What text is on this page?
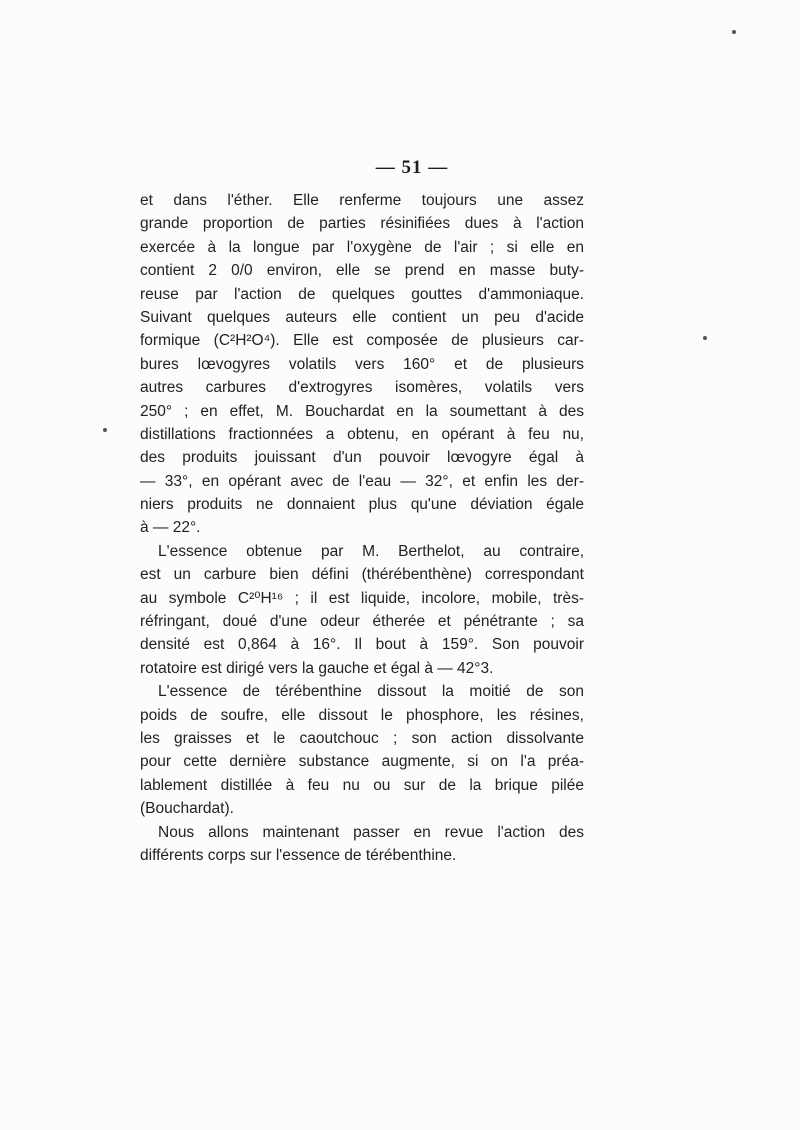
— 51 —
et dans l'éther. Elle renferme toujours une assez
grande proportion de parties résinifiées dues à l'action
exercée à la longue par l'oxygène de l'air ; si elle en
contient 2 0/0 environ, elle se prend en masse buty-
reuse par l'action de quelques gouttes d'ammoniaque.
Suivant quelques auteurs elle contient un peu d'acide
formique (C²H²O⁴). Elle est composée de plusieurs car-
bures lœvogyres volatils vers 160° et de plusieurs
autres carbures d'extrogyres isomères, volatils vers
250° ; en effet, M. Bouchardat en la soumettant à des
distillations fractionnées a obtenu, en opérant à feu nu,
des produits jouissant d'un pouvoir lœvogyre égal à
— 33°, en opérant avec de l'eau — 32°, et enfin les der-
niers produits ne donnaient plus qu'une déviation égale
à — 22°.
L'essence obtenue par M. Berthelot, au contraire,
est un carbure bien défini (thérébenthène) correspondant
au symbole C²⁰H¹⁶ ; il est liquide, incolore, mobile, très-
réfringant, doué d'une odeur étherée et pénétrante ; sa
densité est 0,864 à 16°. Il bout à 159°. Son pouvoir
rotatoire est dirigé vers la gauche et égal à — 42°3.
L'essence de térébenthine dissout la moitié de son
poids de soufre, elle dissout le phosphore, les résines,
les graisses et le caoutchouc ; son action dissolvante
pour cette dernière substance augmente, si on l'a préa-
lablement distillée à feu nu ou sur de la brique pilée
(Bouchardat).
Nous allons maintenant passer en revue l'action des
différents corps sur l'essence de térébenthine.
